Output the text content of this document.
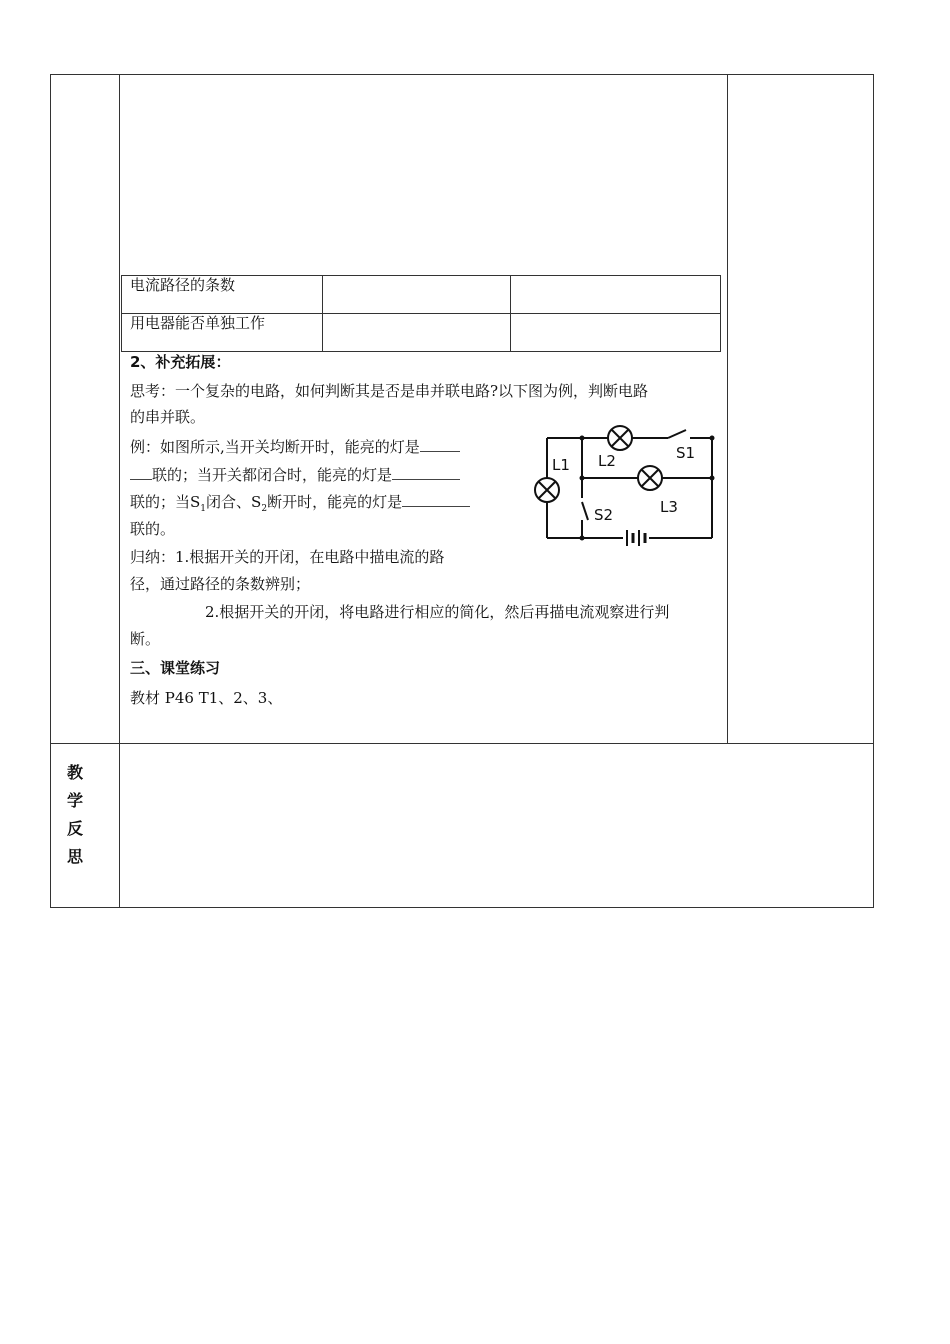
电流路径的条数
用电器能否单独工作
2、补充拓展：
思考：一个复杂的电路，如何判断其是否是串并联电路?以下图为例，判断电路
的串并联。
例：如图所示,当开关均断开时，能亮的灯是
联的；当开关都闭合时，能亮的灯是
联的；当$S_1$闭合、$S_2$断开时，能亮的灯是
联的。
归纳：1.根据开关的开闭，在电路中描电流的路
径，通过路径的条数辨别；
2.根据开关的开闭，将电路进行相应的简化，然后再描电流观察进行判
断。
三、课堂练习
教材 P46 T1、2、3、
教
学
反
思
L1 L2
L3
S1
S2
